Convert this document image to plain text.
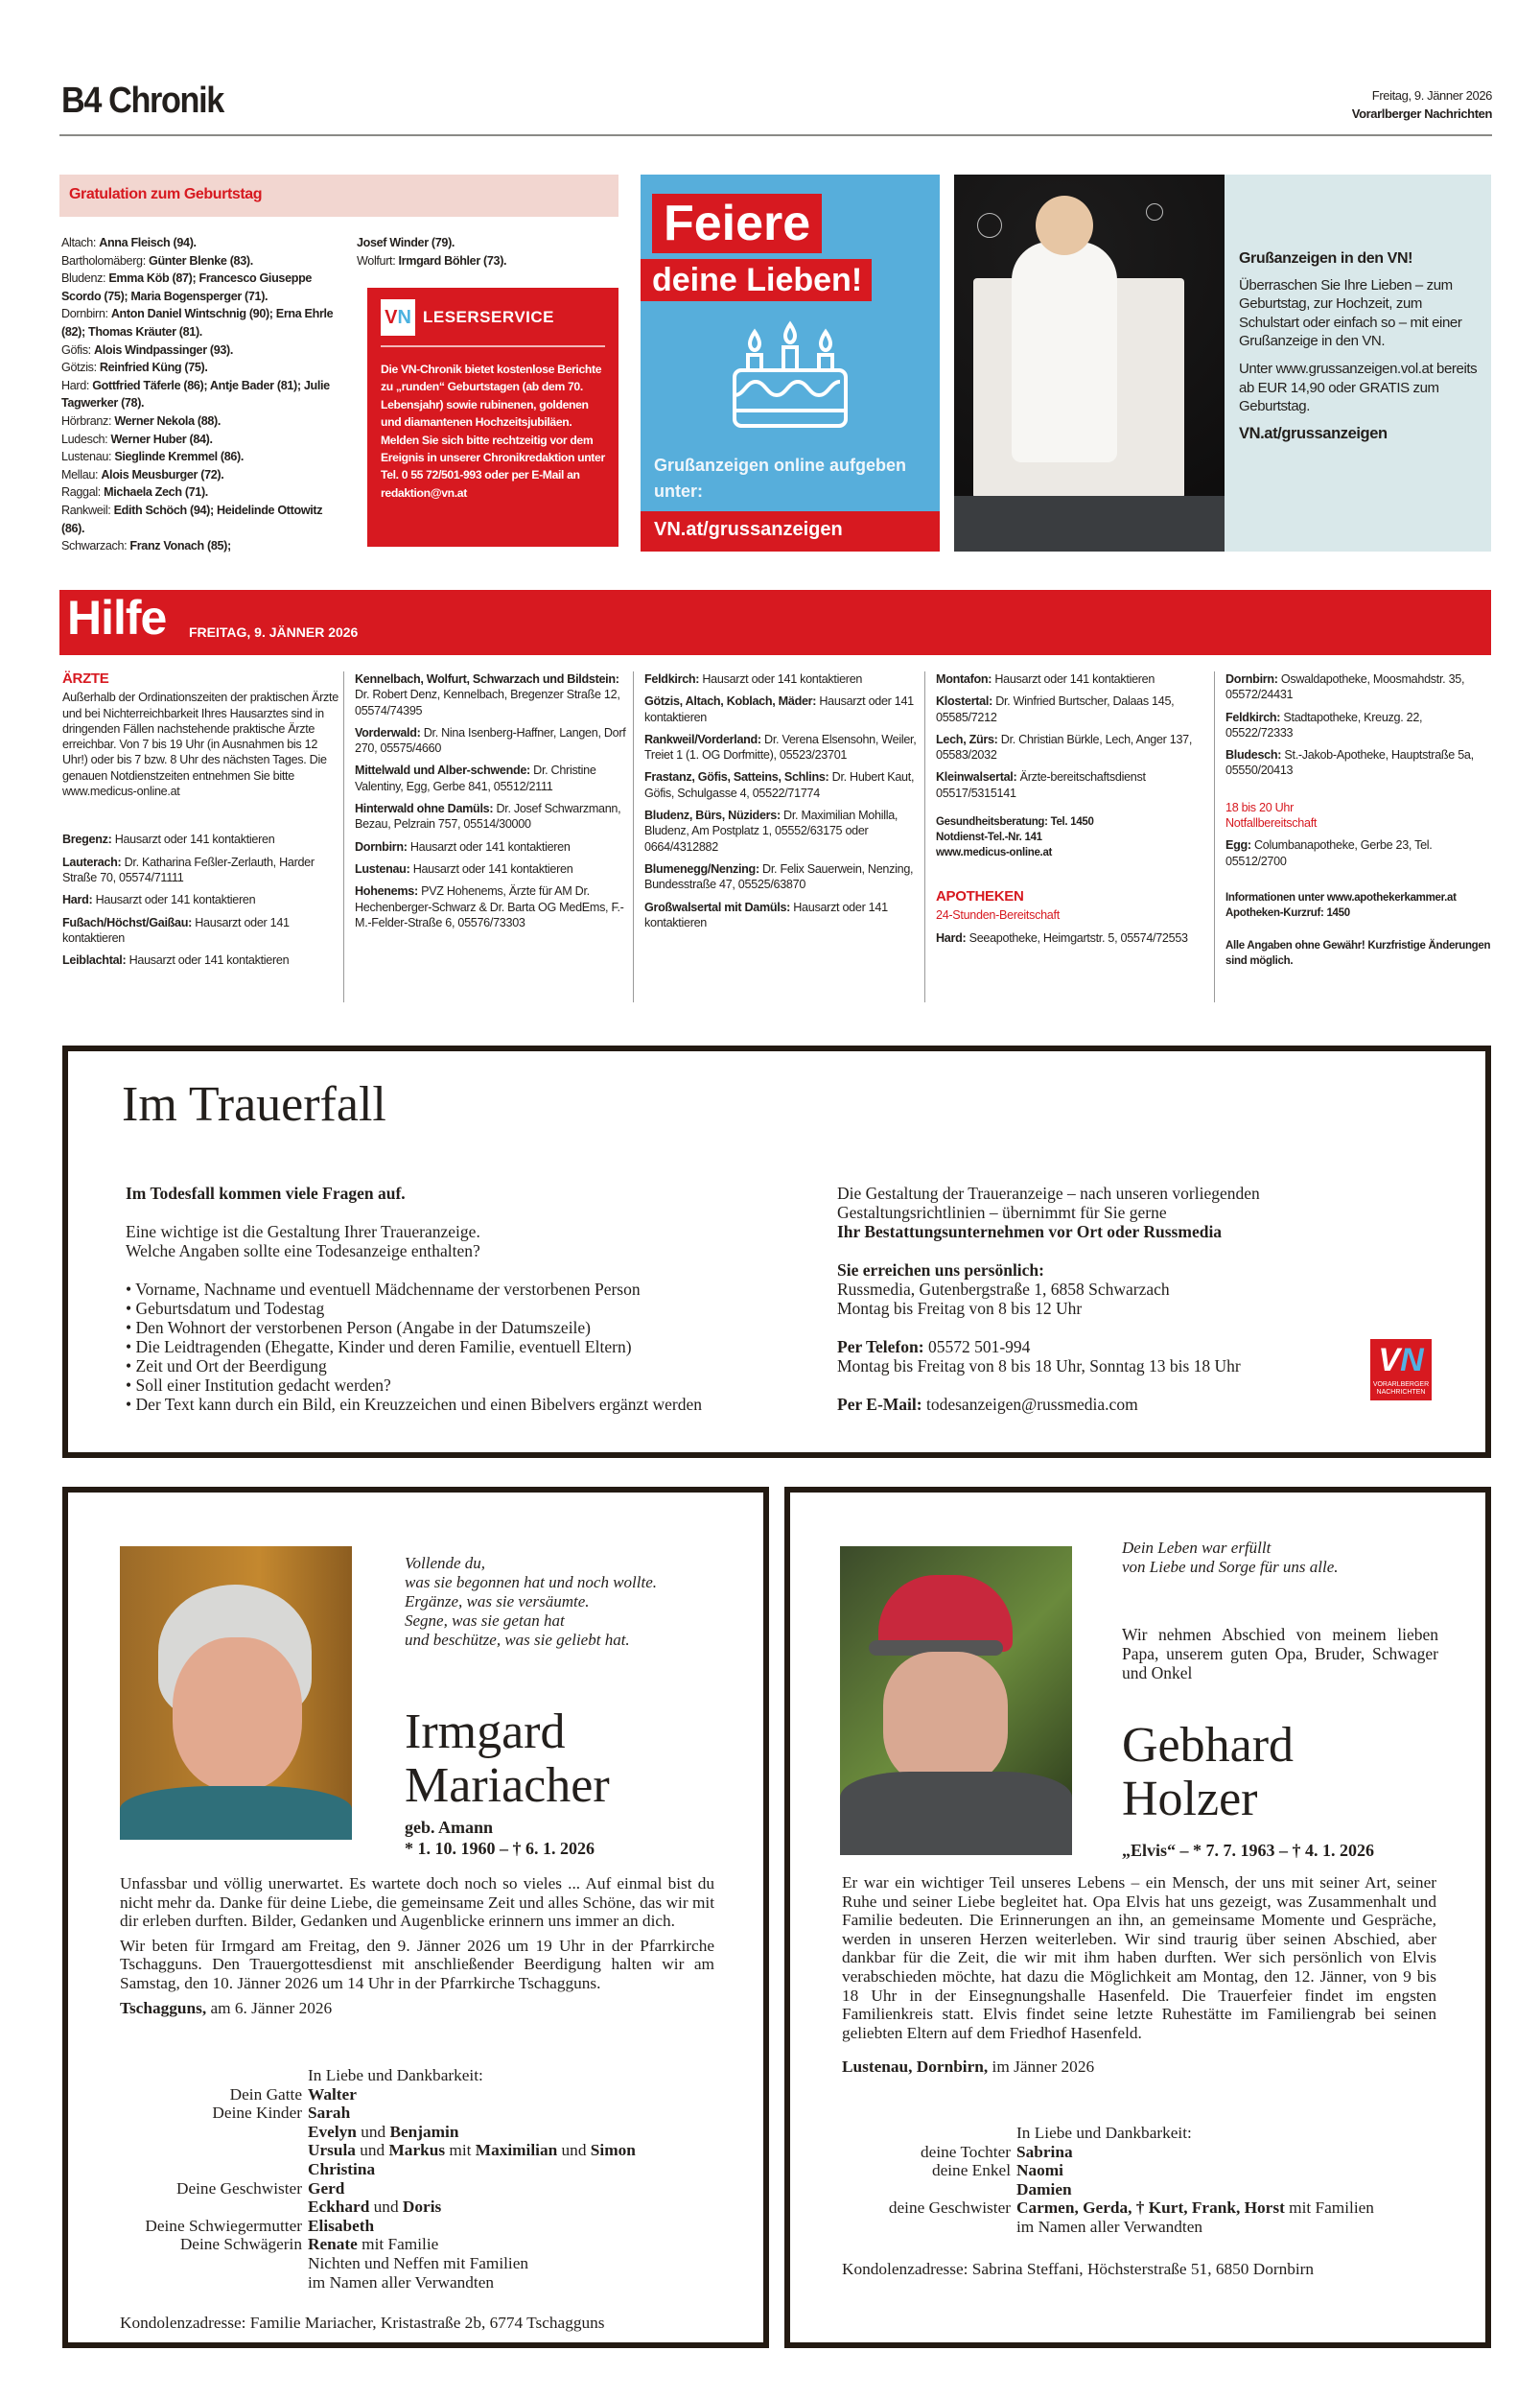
B4 Chronik	Freitag, 9. Jänner 2026
Vorarlberger Nachrichten
Gratulation zum Geburtstag
Altach: Anna Fleisch (94).
Bartholomäberg: Günter Blenke (83).
Bludenz: Emma Köb (87); Francesco Giuseppe Scordo (75); Maria Bogensperger (71).
Dornbirn: Anton Daniel Wintschnig (90); Erna Ehrle (82); Thomas Kräuter (81).
Göfis: Alois Windpassinger (93).
Götzis: Reinfried Küng (75).
Hard: Gottfried Täferle (86); Antje Bader (81); Julie Tagwerker (78).
Hörbranz: Werner Nekola (88).
Ludesch: Werner Huber (84).
Lustenau: Sieglinde Kremmel (86).
Mellau: Alois Meusburger (72).
Raggal: Michaela Zech (71).
Rankweil: Edith Schöch (94); Heidelinde Ottowitz (86).
Schwarzach: Franz Vonach (85);
Josef Winder (79).
Wolfurt: Irmgard Böhler (73).
V N LESERSERVICE

Die VN-Chronik bietet kostenlose Berichte zu „runden“ Geburtstagen (ab dem 70. Lebensjahr) sowie rubinenen, goldenen und diamantenen Hochzeitsjubiläen. Melden Sie sich bitte rechtzeitig vor dem Ereignis in unserer Chronikredaktion unter Tel. 0 55 72/501-993 oder per E-Mail an redaktion@vn.at

Feiere
deine Lieben!
Grußanzeigen online aufgeben unter:
VN.at/grussanzeigen
Grußanzeigen in den VN!

Überraschen Sie Ihre Lieben – zum Geburtstag, zur Hochzeit, zum Schulstart oder einfach so – mit einer Grußanzeige in den VN.

Unter www.grussanzeigen.vol.at bereits ab EUR 14,90 oder GRATIS zum Geburtstag.

VN.at/grussanzeigen

Hilfe FREITAG, 9. JÄNNER 2026
ÄRZTE

Außerhalb der Ordinationszeiten der praktischen Ärzte und bei Nichterreichbarkeit Ihres Hausarztes sind in dringenden Fällen nachstehende praktische Ärzte erreichbar. Von 7 bis 19 Uhr (in Ausnahmen bis 12 Uhr!) oder bis 7 bzw. 8 Uhr des nächsten Tages. Die genauen Notdienstzeiten entnehmen Sie bitte www.medicus-online.at

Bregenz: Hausarzt oder 141 kontaktieren

Lauterach: Dr. Katharina Feßler-Zerlauth, Harder Straße 70, 05574/71111

Hard: Hausarzt oder 141 kontaktieren

Fußach/Höchst/Gaißau: Hausarzt oder 141 kontaktieren

Leiblachtal: Hausarzt oder 141 kontaktieren

Kennelbach, Wolfurt, Schwarzach und Bildstein: Dr. Robert Denz, Kennelbach, Bregenzer Straße 12, 05574/74395

Vorderwald: Dr. Nina Isenberg-Haffner, Langen, Dorf 270, 05575/4660

Mittelwald und Alber-schwende: Dr. Christine Valentiny, Egg, Gerbe 841, 05512/2111

Hinterwald ohne Damüls: Dr. Josef Schwarzmann, Bezau, Pelzrain 757, 05514/30000

Dornbirn: Hausarzt oder 141 kontaktieren

Lustenau: Hausarzt oder 141 kontaktieren

Hohenems: PVZ Hohenems, Ärzte für AM Dr. Hechenberger-Schwarz & Dr. Barta OG MedEms, F.-M.-Felder-Straße 6, 05576/73303

Feldkirch: Hausarzt oder 141 kontaktieren

Götzis, Altach, Koblach, Mäder: Hausarzt oder 141 kontaktieren

Rankweil/Vorderland: Dr. Verena Elsensohn, Weiler, Treiet 1 (1. OG Dorfmitte), 05523/23701

Frastanz, Göfis, Satteins, Schlins: Dr. Hubert Kaut, Göfis, Schulgasse 4, 05522/71774

Bludenz, Bürs, Nüziders: Dr. Maximilian Mohilla, Bludenz, Am Postplatz 1, 05552/63175 oder 0664/4312882

Blumenegg/Nenzing: Dr. Felix Sauerwein, Nenzing, Bundesstraße 47, 05525/63870

Großwalsertal mit Damüls: Hausarzt oder 141 kontaktieren

Montafon: Hausarzt oder 141 kontaktieren

Klostertal: Dr. Winfried Burtscher, Dalaas 145, 05585/7212

Lech, Zürs: Dr. Christian Bürkle, Lech, Anger 137, 05583/2032

Kleinwalsertal: Ärzte-bereitschaftsdienst 05517/5315141

Gesundheitsberatung: Tel. 1450
Notdienst-Tel.-Nr. 141
www.medicus-online.at
APOTHEKEN

24-Stunden-Bereitschaft

Hard: Seeapotheke, Heimgartstr. 5, 05574/72553

Dornbirn: Oswaldapotheke, Moosmahdstr. 35, 05572/24431

Feldkirch: Stadtapotheke, Kreuzg. 22, 05522/72333

Bludesch: St.-Jakob-Apotheke, Hauptstraße 5a, 05550/20413

18 bis 20 Uhr

Notfallbereitschaft

Egg: Columbanapotheke, Gerbe 23, Tel. 05512/2700

Informationen unter www.apothekerkammer.at
Apotheken-Kurzruf: 1450
Alle Angaben ohne Gewähr! Kurzfristige Änderungen sind möglich.
Im Trauerfall

Im Todesfall kommen viele Fragen auf.

Eine wichtige ist die Gestaltung Ihrer Traueranzeige.
Welche Angaben sollte eine Todesanzeige enthalten?

• Vorname, Nachname und eventuell Mädchenname der verstorbenen Person
• Geburtsdatum und Todestag
• Den Wohnort der verstorbenen Person (Angabe in der Datumszeile)
• Die Leidtragenden (Ehegatte, Kinder und deren Familie, eventuell Eltern)
• Zeit und Ort der Beerdigung
• Soll einer Institution gedacht werden?
• Der Text kann durch ein Bild, ein Kreuzzeichen und einen Bibelvers ergänzt werden

Die Gestaltung der Traueranzeige – nach unseren vorliegenden Gestaltungsrichtlinien – übernimmt für Sie gerne
Ihr Bestattungsunternehmen vor Ort oder Russmedia

Sie erreichen uns persönlich:
Russmedia, Gutenbergstraße 1, 6858 Schwarzach
Montag bis Freitag von 8 bis 12 Uhr

Per Telefon: 05572 501-994
Montag bis Freitag von 8 bis 18 Uhr, Sonntag 13 bis 18 Uhr

Per E-Mail: todesanzeigen@russmedia.com

VN
VORARLBERGER NACHRICHTEN
Vollende du,
was sie begonnen hat und noch wollte.
Ergänze, was sie versäumte.
Segne, was sie getan hat
und beschütze, was sie geliebt hat.
Irmgard
Mariacher
geb. Amann
* 1. 10. 1960 – † 6. 1. 2026

Unfassbar und völlig unerwartet. Es wartete doch noch so vieles ... Auf einmal bist du nicht mehr da. Danke für deine Liebe, die gemeinsame Zeit und alles Schöne, das wir mit dir erleben durften. Bilder, Gedanken und Augenblicke erinnern uns immer an dich.

Wir beten für Irmgard am Freitag, den 9. Jänner 2026 um 19 Uhr in der Pfarrkirche Tschagguns. Den Trauergottesdienst mit anschließender Beerdigung halten wir am Samstag, den 10. Jänner 2026 um 14 Uhr in der Pfarrkirche Tschagguns.

Tschagguns, am 6. Jänner 2026

In Liebe und Dankbarkeit:
Dein Gatte Walter
Deine Kinder Sarah
Evelyn und Benjamin
Ursula und Markus mit Maximilian und Simon
Christina
Deine Geschwister Gerd
Eckhard und Doris
Deine Schwiegermutter Elisabeth
Deine Schwägerin Renate mit Familie
Nichten und Neffen mit Familien
im Namen aller Verwandten
Kondolenzadresse: Familie Mariacher, Kristastraße 2b, 6774 Tschagguns
Dein Leben war erfüllt
von Liebe und Sorge für uns alle.
Wir nehmen Abschied von meinem lieben Papa, unserem guten Opa, Bruder, Schwager und Onkel
Gebhard
Holzer
„Elvis“ – * 7. 7. 1963 – † 4. 1. 2026

Er war ein wichtiger Teil unseres Lebens – ein Mensch, der uns mit seiner Art, seiner Ruhe und seiner Liebe begleitet hat. Opa Elvis hat uns gezeigt, was Zusammenhalt und Familie bedeuten. Die Erinnerungen an ihn, an gemeinsame Momente und Gespräche, werden in unseren Herzen weiterleben. Wir sind traurig über seinen Abschied, aber dankbar für die Zeit, die wir mit ihm haben durften. Wer sich persönlich von Elvis verabschieden möchte, hat dazu die Möglichkeit am Montag, den 12. Jänner, von 9 bis 18 Uhr in der Einsegnungshalle Hasenfeld. Die Trauerfeier findet im engsten Familienkreis statt. Elvis findet seine letzte Ruhestätte im Familiengrab bei seinen geliebten Eltern auf dem Friedhof Hasenfeld.

Lustenau, Dornbirn, im Jänner 2026

In Liebe und Dankbarkeit:
deine Tochter Sabrina
deine Enkel Naomi
Damien
deine Geschwister Carmen, Gerda, † Kurt, Frank, Horst mit Familien
im Namen aller Verwandten
Kondolenzadresse: Sabrina Steffani, Höchsterstraße 51, 6850 Dornbirn
